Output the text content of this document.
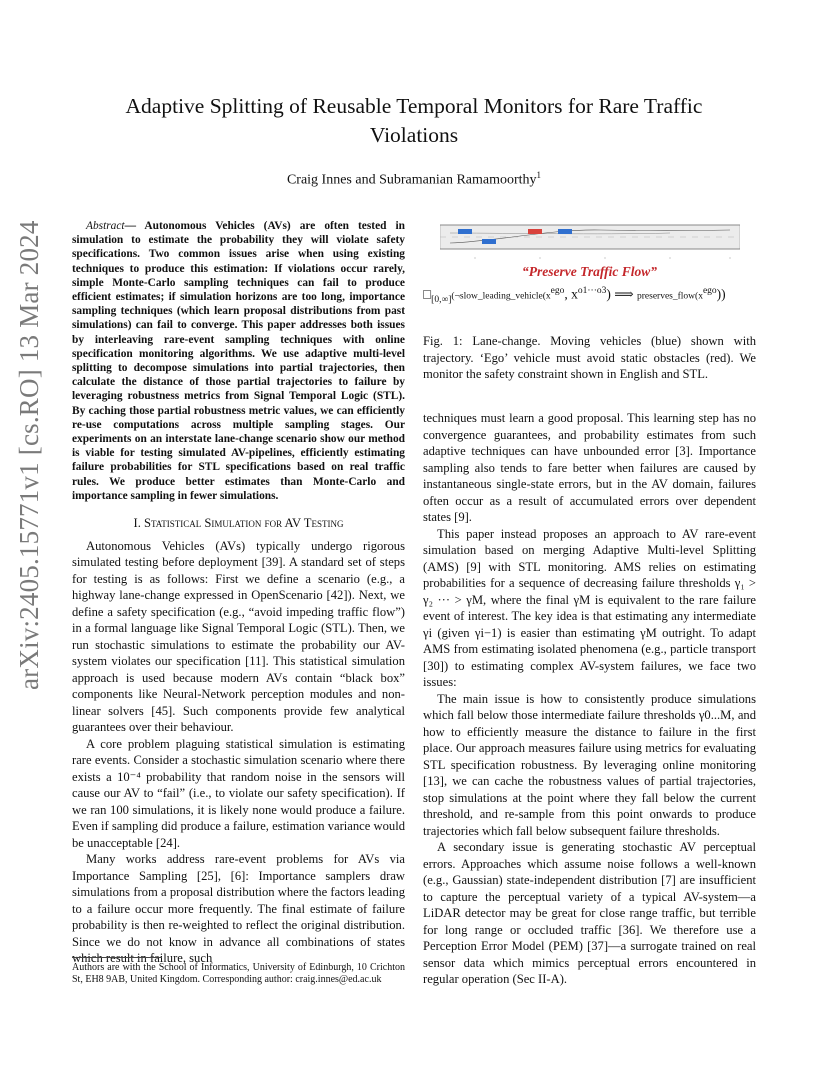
arXiv:2405.15771v1 [cs.RO] 13 Mar 2024
Adaptive Splitting of Reusable Temporal Monitors for Rare Traffic Violations
Craig Innes and Subramanian Ramamoorthy$^1$

Abstract— Autonomous Vehicles (AVs) are often tested in simulation to estimate the probability they will violate safety specifications. Two common issues arise when using existing techniques to produce this estimation: If violations occur rarely, simple Monte-Carlo sampling techniques can fail to produce efficient estimates; if simulation horizons are too long, importance sampling techniques (which learn proposal distributions from past simulations) can fail to converge. This paper addresses both issues by interleaving rare-event sampling techniques with online specification monitoring algorithms. We use adaptive multi-level splitting to decompose simulations into partial trajectories, then calculate the distance of those partial trajectories to failure by leveraging robustness metrics from Signal Temporal Logic (STL). By caching those partial robustness metric values, we can efficiently re-use computations across multiple sampling stages. Our experiments on an interstate lane-change scenario show our method is viable for testing simulated AV-pipelines, efficiently estimating failure probabilities for STL specifications based on real traffic rules. We produce better estimates than Monte-Carlo and importance sampling in fewer simulations.

I. Statistical Simulation for AV Testing

Autonomous Vehicles (AVs) typically undergo rigorous simulated testing before deployment [39]. A standard set of steps for testing is as follows: First we define a scenario (e.g., a highway lane-change expressed in OpenScenario [42]). Next, we define a safety specification (e.g., “avoid impeding traffic flow”) in a formal language like Signal Temporal Logic (STL). Then, we run stochastic simulations to estimate the probability our AV-system violates our specification [11]. This statistical simulation approach is used because modern AVs contain “black box” components like Neural-Network perception modules and non-linear solvers [45]. Such components provide few analytical guarantees over their behaviour.

A core problem plaguing statistical simulation is estimating rare events. Consider a stochastic simulation scenario where there exists a 10⁻⁴ probability that random noise in the sensors will cause our AV to “fail” (i.e., to violate our safety specification). If we ran 100 simulations, it is likely none would produce a failure. Even if sampling did produce a failure, estimation variance would be unacceptable [24].

Many works address rare-event problems for AVs via Importance Sampling [25], [6]: Importance samplers draw simulations from a proposal distribution where the factors leading to a failure occur more frequently. The final estimate of failure probability is then re-weighted to reflect the original distribution. Since we do not know in advance all combinations of states which result in failure, such

Authors are with the School of Informatics, University of Edinburgh, 10 Crichton St, EH8 9AB, United Kingdom. Corresponding author: craig.innes@ed.ac.uk
“Preserve Traffic Flow”
$□_{[0,\infty]}(\neg slow\_leading\_vehicle(x^{ego}$, $x^{o1\cdot\cdot\cdot o3}$) ⟹ $preserves\_flow(x^{ego})$)
Fig. 1: Lane-change. Moving vehicles (blue) shown with trajectory. ‘Ego’ vehicle must avoid static obstacles (red). We monitor the safety constraint shown in English and STL.

techniques must learn a good proposal. This learning step has no convergence guarantees, and probability estimates from such adaptive techniques can have unbounded error [3]. Importance sampling also tends to fare better when failures are caused by instantaneous single-state errors, but in the AV domain, failures often occur as a result of accumulated errors over dependent states [9].

This paper instead proposes an approach to AV rare-event simulation based on merging Adaptive Multi-level Splitting (AMS) [9] with STL monitoring. AMS relies on estimating probabilities for a sequence of decreasing failure thresholds γ₁ > γ₂ ··· > γM, where the final γM is equivalent to the rare failure event of interest. The key idea is that estimating any intermediate γi (given γi−1) is easier than estimating γM outright. To adapt AMS from estimating isolated phenomena (e.g., particle transport [30]) to estimating complex AV-system failures, we face two issues:

The main issue is how to consistently produce simulations which fall below those intermediate failure thresholds γ0...M, and how to efficiently measure the distance to failure in the first place. Our approach measures failure using metrics for evaluating STL specification robustness. By leveraging online monitoring [13], we can cache the robustness values of partial trajectories, stop simulations at the point where they fall below the current threshold, and re-sample from this point onwards to produce trajectories which fall below subsequent failure thresholds.

A secondary issue is generating stochastic AV perceptual errors. Approaches which assume noise follows a well-known (e.g., Gaussian) state-independent distribution [7] are insufficient to capture the perceptual variety of a typical AV-system—a LiDAR detector may be great for close range traffic, but terrible for long range or occluded traffic [36]. We therefore use a Perception Error Model (PEM) [37]—a surrogate trained on real sensor data which mimics perceptual errors encountered in regular operation (Sec II-A).
